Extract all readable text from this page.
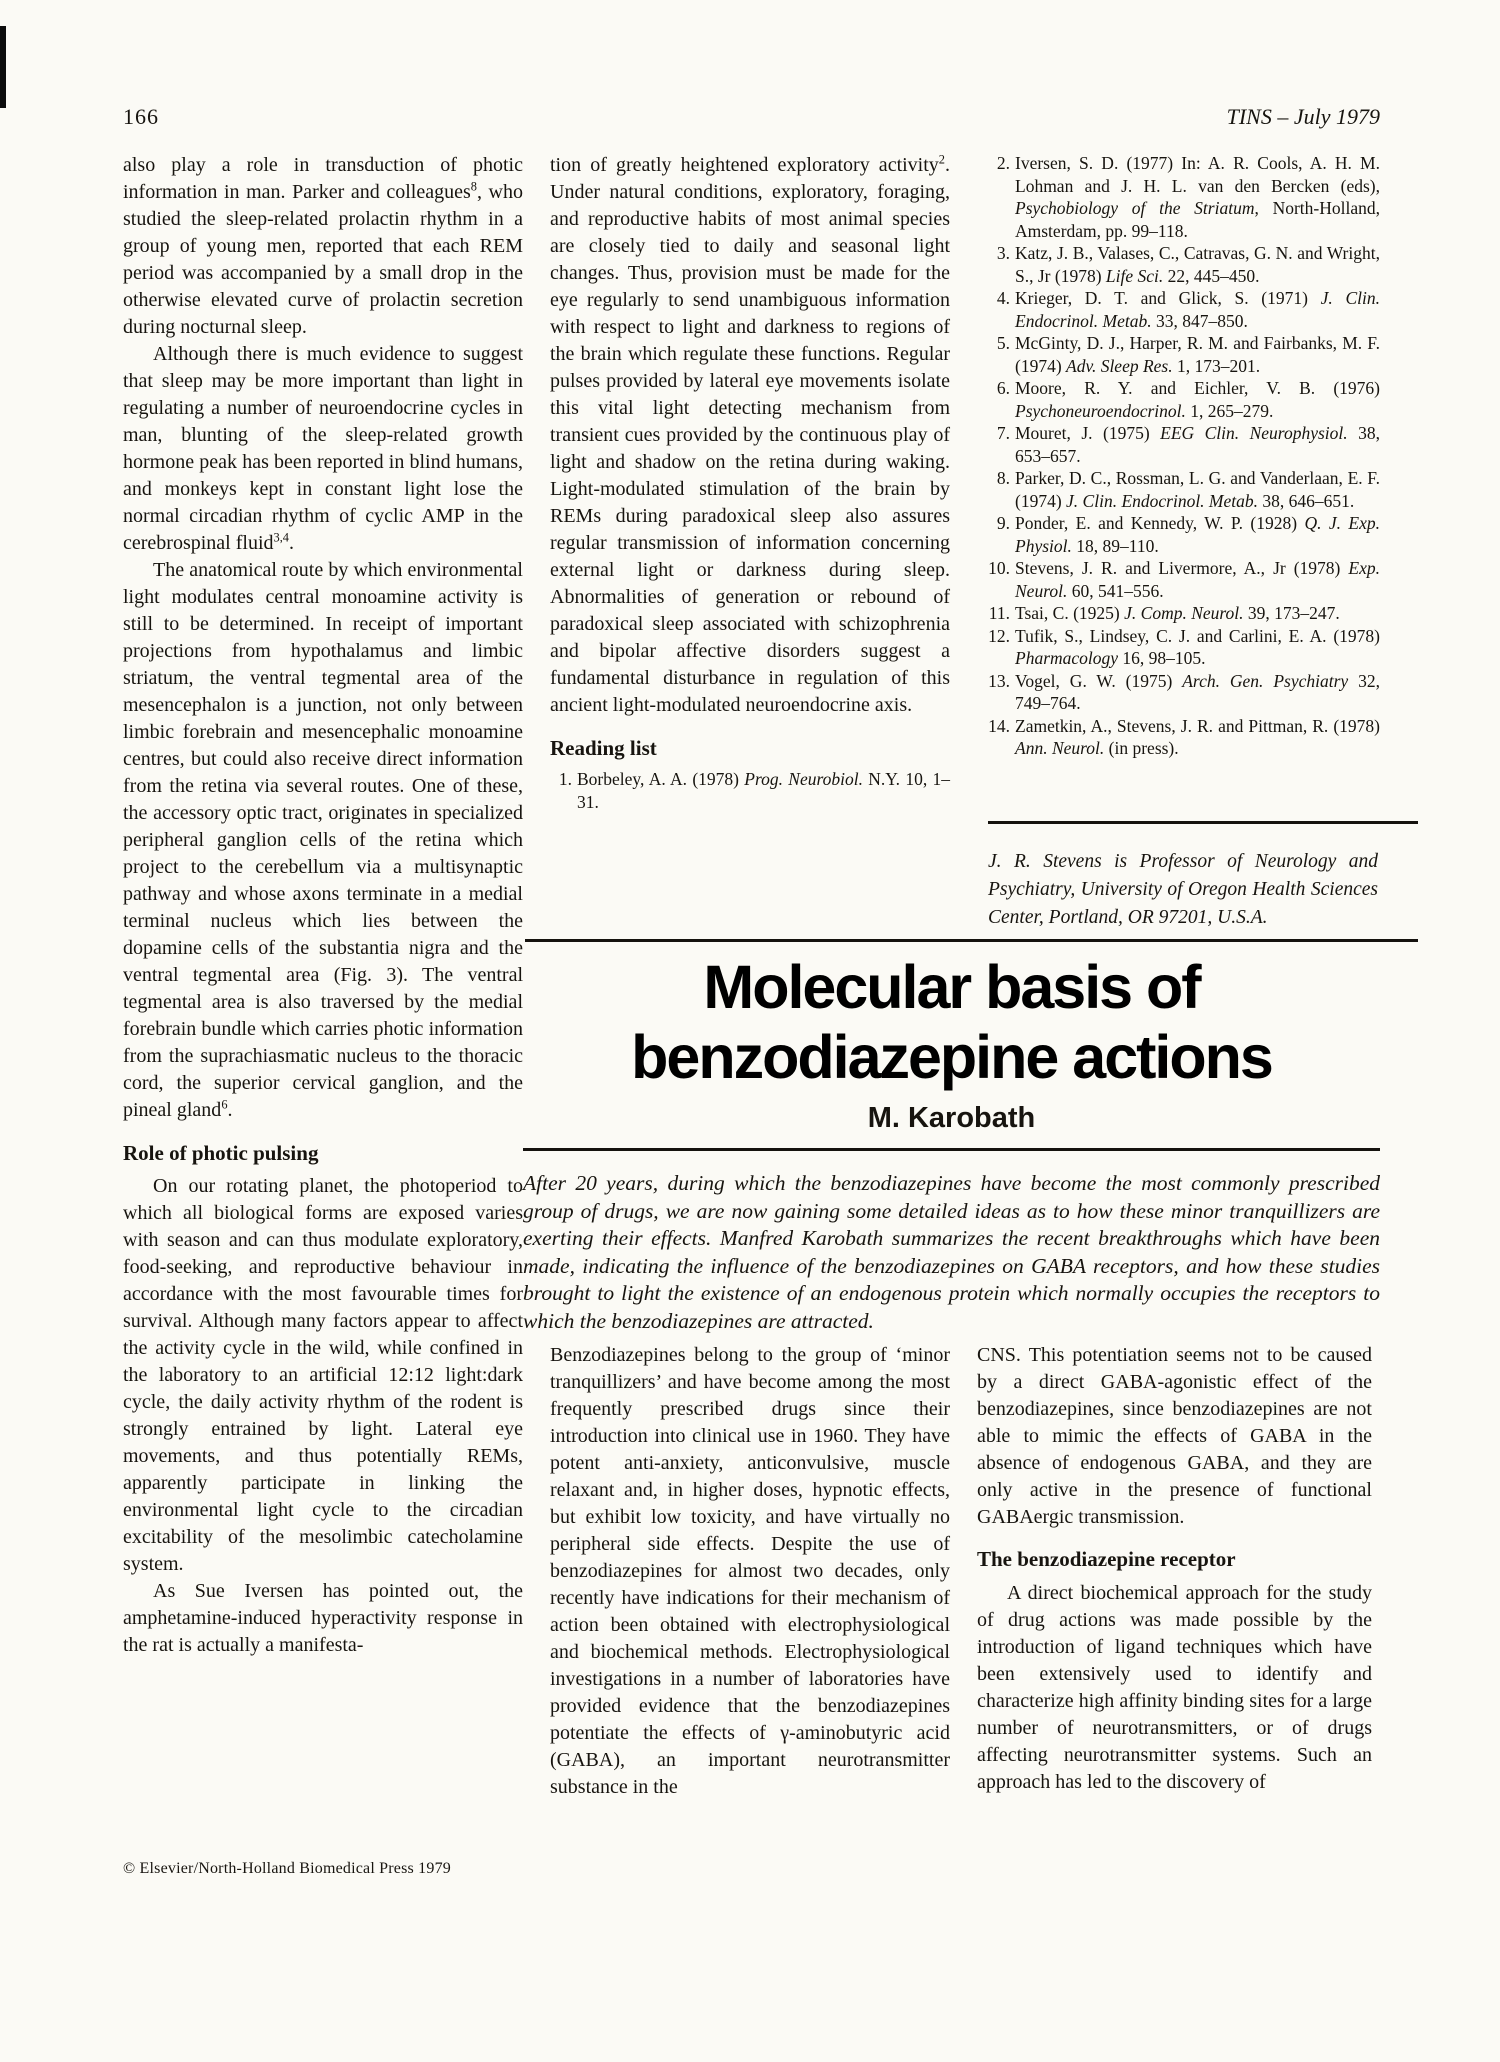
166	TINS – July 1979

also play a role in transduction of photic information in man. Parker and colleagues$^8$, who studied the sleep-related prolactin rhythm in a group of young men, reported that each REM period was accompanied by a small drop in the otherwise elevated curve of prolactin secretion during nocturnal sleep.

Although there is much evidence to suggest that sleep may be more important than light in regulating a number of neuroendocrine cycles in man, blunting of the sleep-related growth hormone peak has been reported in blind humans, and monkeys kept in constant light lose the normal circadian rhythm of cyclic AMP in the cerebrospinal fluid$^{3,4}$.

The anatomical route by which environmental light modulates central monoamine activity is still to be determined. In receipt of important projections from hypothalamus and limbic striatum, the ventral tegmental area of the mesencephalon is a junction, not only between limbic forebrain and mesencephalic monoamine centres, but could also receive direct information from the retina via several routes. One of these, the accessory optic tract, originates in specialized peripheral ganglion cells of the retina which project to the cerebellum via a multisynaptic pathway and whose axons terminate in a medial terminal nucleus which lies between the dopamine cells of the substantia nigra and the ventral tegmental area (Fig. 3). The ventral tegmental area is also traversed by the medial forebrain bundle which carries photic information from the suprachiasmatic nucleus to the thoracic cord, the superior cervical ganglion, and the pineal gland$^6$.

Role of photic pulsing

On our rotating planet, the photoperiod to which all biological forms are exposed varies with season and can thus modulate exploratory, food-seeking, and reproductive behaviour in accordance with the most favourable times for survival. Although many factors appear to affect the activity cycle in the wild, while confined in the laboratory to an artificial 12:12 light:dark cycle, the daily activity rhythm of the rodent is strongly entrained by light. Lateral eye movements, and thus potentially REMs, apparently participate in linking the environmental light cycle to the circadian excitability of the mesolimbic catecholamine system.

As Sue Iversen has pointed out, the amphetamine-induced hyperactivity response in the rat is actually a manifesta-

tion of greatly heightened exploratory activity$^2$. Under natural conditions, exploratory, foraging, and reproductive habits of most animal species are closely tied to daily and seasonal light changes. Thus, provision must be made for the eye regularly to send unambiguous information with respect to light and darkness to regions of the brain which regulate these functions. Regular pulses provided by lateral eye movements isolate this vital light detecting mechanism from transient cues provided by the continuous play of light and shadow on the retina during waking. Light-modulated stimulation of the brain by REMs during paradoxical sleep also assures regular transmission of information concerning external light or darkness during sleep. Abnormalities of generation or rebound of paradoxical sleep associated with schizophrenia and bipolar affective disorders suggest a fundamental disturbance in regulation of this ancient light-modulated neuroendocrine axis.

Reading list

1. Borbeley, A. A. (1978) Prog. Neurobiol. N.Y. 10, 1–31.

2. Iversen, S. D. (1977) In: A. R. Cools, A. H. M. Lohman and J. H. L. van den Bercken (eds), Psychobiology of the Striatum, North-Holland, Amsterdam, pp. 99–118.

3. Katz, J. B., Valases, C., Catravas, G. N. and Wright, S., Jr (1978) Life Sci. 22, 445–450.

4. Krieger, D. T. and Glick, S. (1971) J. Clin. Endocrinol. Metab. 33, 847–850.

5. McGinty, D. J., Harper, R. M. and Fairbanks, M. F. (1974) Adv. Sleep Res. 1, 173–201.

6. Moore, R. Y. and Eichler, V. B. (1976) Psychoneuroendocrinol. 1, 265–279.

7. Mouret, J. (1975) EEG Clin. Neurophysiol. 38, 653–657.

8. Parker, D. C., Rossman, L. G. and Vanderlaan, E. F. (1974) J. Clin. Endocrinol. Metab. 38, 646–651.

9. Ponder, E. and Kennedy, W. P. (1928) Q. J. Exp. Physiol. 18, 89–110.

10. Stevens, J. R. and Livermore, A., Jr (1978) Exp. Neurol. 60, 541–556.

11. Tsai, C. (1925) J. Comp. Neurol. 39, 173–247.

12. Tufik, S., Lindsey, C. J. and Carlini, E. A. (1978) Pharmacology 16, 98–105.

13. Vogel, G. W. (1975) Arch. Gen. Psychiatry 32, 749–764.

14. Zametkin, A., Stevens, J. R. and Pittman, R. (1978) Ann. Neurol. (in press).

J. R. Stevens is Professor of Neurology and Psychiatry, University of Oregon Health Sciences Center, Portland, OR 97201, U.S.A.
Molecular basis of
benzodiazepine actions
M. Karobath
After 20 years, during which the benzodiazepines have become the most commonly prescribed group of drugs, we are now gaining some detailed ideas as to how these minor tranquillizers are exerting their effects. Manfred Karobath summarizes the recent breakthroughs which have been made, indicating the influence of the benzodiazepines on GABA receptors, and how these studies brought to light the existence of an endogenous protein which normally occupies the receptors to which the benzodiazepines are attracted.

Benzodiazepines belong to the group of ‘minor tranquillizers’ and have become among the most frequently prescribed drugs since their introduction into clinical use in 1960. They have potent anti-anxiety, anticonvulsive, muscle relaxant and, in higher doses, hypnotic effects, but exhibit low toxicity, and have virtually no peripheral side effects. Despite the use of benzodiazepines for almost two decades, only recently have indications for their mechanism of action been obtained with electrophysiological and biochemical methods. Electrophysiological investigations in a number of laboratories have provided evidence that the benzodiazepines potentiate the effects of γ-aminobutyric acid (GABA), an important neurotransmitter substance in the

CNS. This potentiation seems not to be caused by a direct GABA-agonistic effect of the benzodiazepines, since benzodiazepines are not able to mimic the effects of GABA in the absence of endogenous GABA, and they are only active in the presence of functional GABAergic transmission.

The benzodiazepine receptor

A direct biochemical approach for the study of drug actions was made possible by the introduction of ligand techniques which have been extensively used to identify and characterize high affinity binding sites for a large number of neurotransmitters, or of drugs affecting neurotransmitter systems. Such an approach has led to the discovery of

© Elsevier/North-Holland Biomedical Press 1979
